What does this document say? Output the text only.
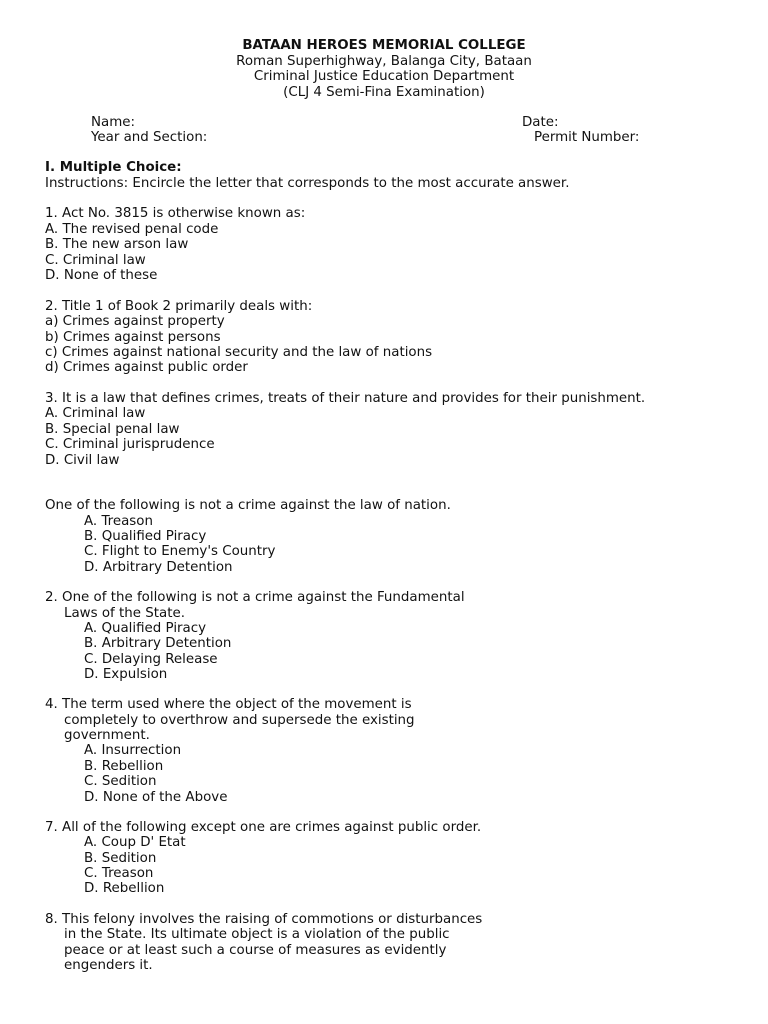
BATAAN HEROES MEMORIAL COLLEGE
Roman Superhighway, Balanga City, Bataan
Criminal Justice Education Department
(CLJ 4 Semi-Fina Examination)
Name:	Date:
Year and Section:	Permit Number:
I. Multiple Choice:
Instructions: Encircle the letter that corresponds to the most accurate answer.
1. Act No. 3815 is otherwise known as:
A. The revised penal code
B. The new arson law
C. Criminal law
D. None of these
2. Title 1 of Book 2 primarily deals with:
a) Crimes against property
b) Crimes against persons
c) Crimes against national security and the law of nations
d) Crimes against public order
3. It is a law that defines crimes, treats of their nature and provides for their punishment.
A. Criminal law
B. Special penal law
C. Criminal jurisprudence
D. Civil law
One of the following is not a crime against the law of nation.
A. Treason
B. Qualified Piracy
C. Flight to Enemy's Country
D. Arbitrary Detention
2. One of the following is not a crime against the Fundamental
Laws of the State.
A. Qualified Piracy
B. Arbitrary Detention
C. Delaying Release
D. Expulsion
4. The term used where the object of the movement is
completely to overthrow and supersede the existing
government.
A. Insurrection
B. Rebellion
C. Sedition
D. None of the Above
7. All of the following except one are crimes against public order.
A. Coup D' Etat
B. Sedition
C. Treason
D. Rebellion
8. This felony involves the raising of commotions or disturbances
in the State. Its ultimate object is a violation of the public
peace or at least such a course of measures as evidently
engenders it.
